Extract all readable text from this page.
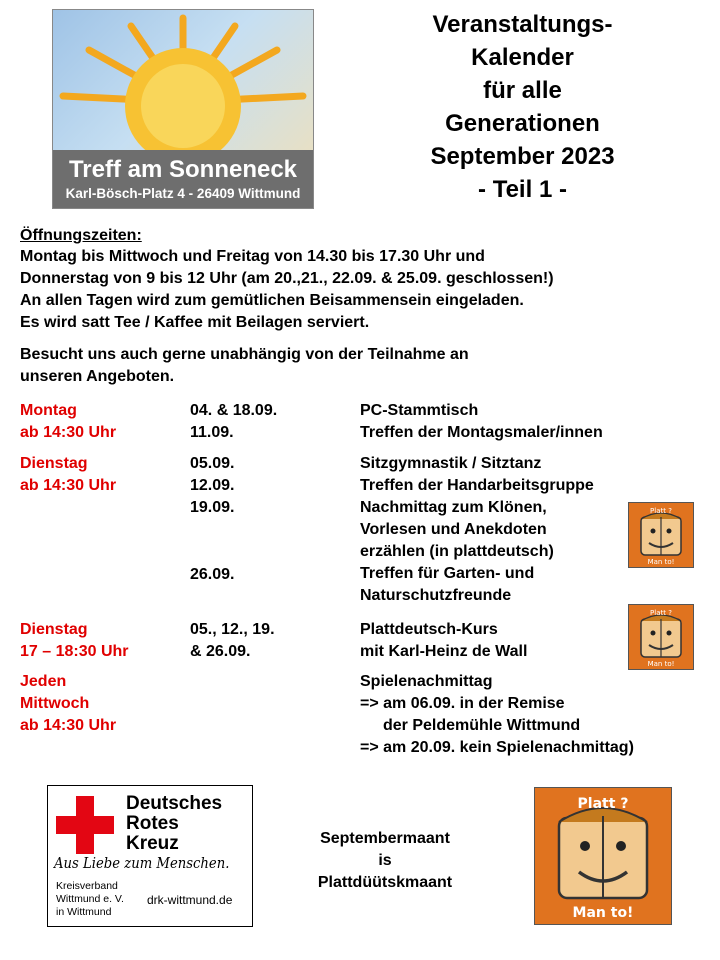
Treff am Sonneneck
Karl-Bösch-Platz 4 - 26409 Wittmund
Veranstaltungs-
Kalender
für alle
Generationen
September 2023
- Teil 1 -
Öffnungszeiten:
Montag bis Mittwoch und Freitag von 14.30 bis 17.30 Uhr und
Donnerstag von 9 bis 12 Uhr (am 20.,21., 22.09. & 25.09. geschlossen!)
An allen Tagen wird zum gemütlichen Beisammensein eingeladen.
Es wird satt Tee / Kaffee mit Beilagen serviert.
Besucht uns auch gerne unabhängig von der Teilnahme an
unseren Angeboten.
Montag
ab 14:30 Uhr
04. & 18.09.
11.09.
PC-Stammtisch
Treffen der Montagsmaler/innen
Dienstag
ab 14:30 Uhr
05.09.
12.09.
19.09.
26.09.
Sitzgymnastik / Sitztanz
Treffen der Handarbeitsgruppe
Nachmittag zum Klönen,
Vorlesen und Anekdoten
erzählen (in plattdeutsch)
Treffen für Garten- und
Naturschutzfreunde
Platt ?
Man to!
Dienstag
17 – 18:30 Uhr
05., 12., 19.
& 26.09.
Plattdeutsch-Kurs
mit Karl-Heinz de Wall
Platt ?
Man to!
Jeden
Mittwoch
ab 14:30 Uhr
Spielenachmittag
=> am 06.09. in der Remise
der Peldemühle Wittmund
=> am 20.09. kein Spielenachmittag)
Deutsches
Rotes
Kreuz
Aus Liebe zum Menschen.
Kreisverband
Wittmund e. V.
in Wittmund
drk-wittmund.de
Septembermaant
is
Plattdüütskmaant
Platt ?
Man to!
